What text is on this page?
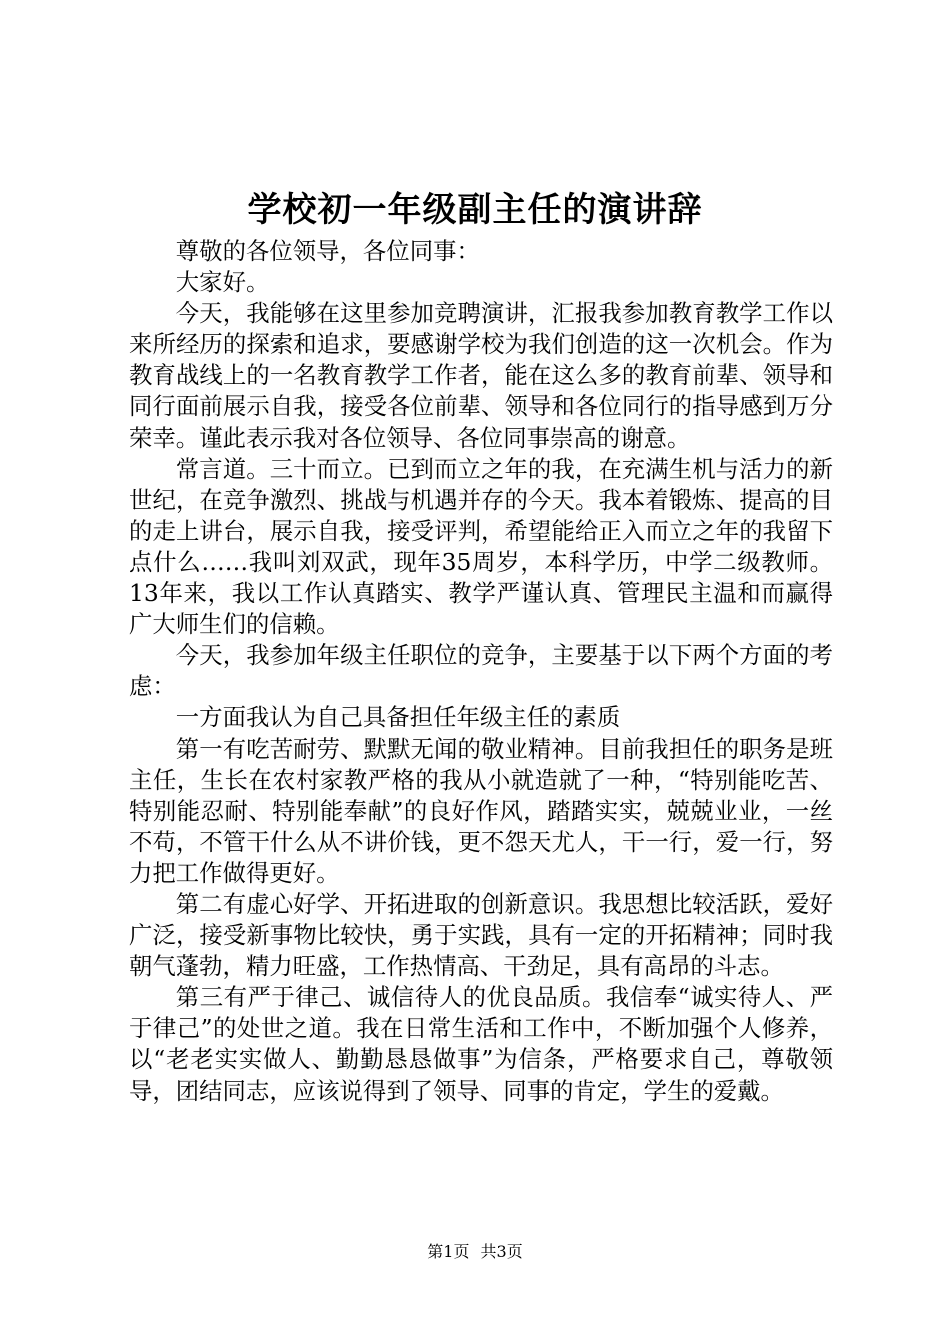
学校初一年级副主任的演讲辞

尊敬的各位领导，各位同事：

大家好。

今天，我能够在这里参加竞聘演讲，汇报我参加教育教学工作以来所经历的探索和追求，要感谢学校为我们创造的这一次机会。作为教育战线上的一名教育教学工作者，能在这么多的教育前辈、领导和同行面前展示自我，接受各位前辈、领导和各位同行的指导感到万分荣幸。谨此表示我对各位领导、各位同事崇高的谢意。

常言道。三十而立。已到而立之年的我，在充满生机与活力的新世纪，在竞争激烈、挑战与机遇并存的今天。我本着锻炼、提高的目的走上讲台，展示自我，接受评判，希望能给正入而立之年的我留下点什么……我叫刘双武，现年35周岁，本科学历，中学二级教师。13年来，我以工作认真踏实、教学严谨认真、管理民主温和而赢得广大师生们的信赖。

今天，我参加年级主任职位的竞争，主要基于以下两个方面的考虑：

一方面我认为自己具备担任年级主任的素质

第一有吃苦耐劳、默默无闻的敬业精神。目前我担任的职务是班主任，生长在农村家教严格的我从小就造就了一种，“特别能吃苦、特别能忍耐、特别能奉献”的良好作风，踏踏实实，兢兢业业，一丝不苟，不管干什么从不讲价钱，更不怨天尤人，干一行，爱一行，努力把工作做得更好。

第二有虚心好学、开拓进取的创新意识。我思想比较活跃，爱好广泛，接受新事物比较快，勇于实践，具有一定的开拓精神；同时我朝气蓬勃，精力旺盛，工作热情高、干劲足，具有高昂的斗志。

第三有严于律己、诚信待人的优良品质。我信奉“诚实待人、严于律己”的处世之道。我在日常生活和工作中，不断加强个人修养，以“老老实实做人、勤勤恳恳做事”为信条，严格要求自己，尊敬领导，团结同志，应该说得到了领导、同事的肯定，学生的爱戴。

第1页 共3页
